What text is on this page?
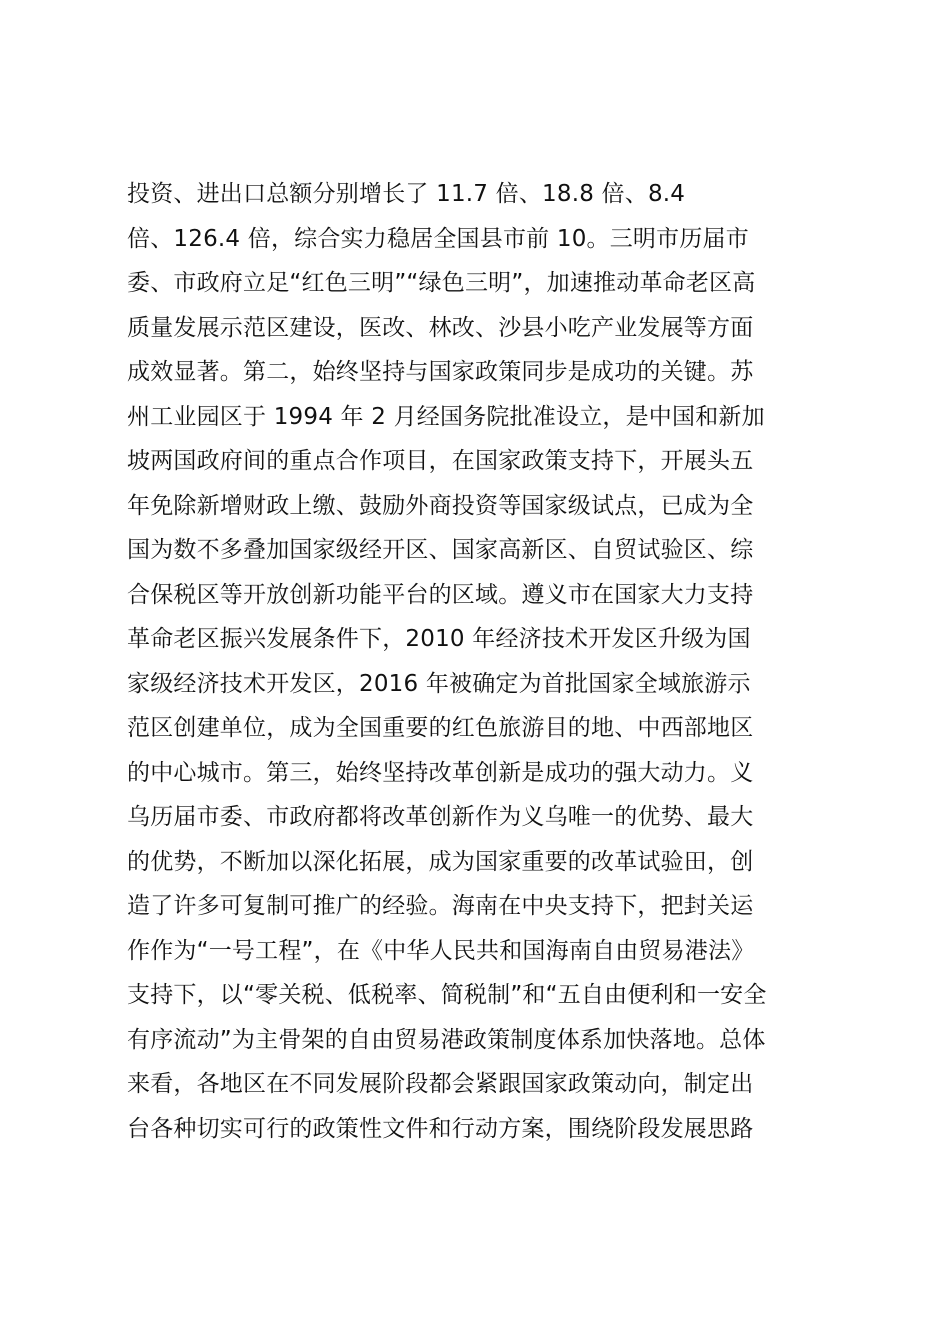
投资、进出口总额分别增长了 11.7 倍、18.8 倍、8.4
倍、126.4 倍，综合实力稳居全国县市前 10。三明市历届市
委、市政府立足“红色三明”“绿色三明”，加速推动革命老区高
质量发展示范区建设，医改、林改、沙县小吃产业发展等方面
成效显著。第二，始终坚持与国家政策同步是成功的关键。苏
州工业园区于 1994 年 2 月经国务院批准设立，是中国和新加
坡两国政府间的重点合作项目，在国家政策支持下，开展头五
年免除新增财政上缴、鼓励外商投资等国家级试点，已成为全
国为数不多叠加国家级经开区、国家高新区、自贸试验区、综
合保税区等开放创新功能平台的区域。遵义市在国家大力支持
革命老区振兴发展条件下，2010 年经济技术开发区升级为国
家级经济技术开发区，2016 年被确定为首批国家全域旅游示
范区创建单位，成为全国重要的红色旅游目的地、中西部地区
的中心城市。第三，始终坚持改革创新是成功的强大动力。义
乌历届市委、市政府都将改革创新作为义乌唯一的优势、最大
的优势，不断加以深化拓展，成为国家重要的改革试验田，创
造了许多可复制可推广的经验。海南在中央支持下，把封关运
作作为“一号工程”，在《中华人民共和国海南自由贸易港法》
支持下，以“零关税、低税率、简税制”和“五自由便利和一安全
有序流动”为主骨架的自由贸易港政策制度体系加快落地。总体
来看，各地区在不同发展阶段都会紧跟国家政策动向，制定出
台各种切实可行的政策性文件和行动方案，围绕阶段发展思路
